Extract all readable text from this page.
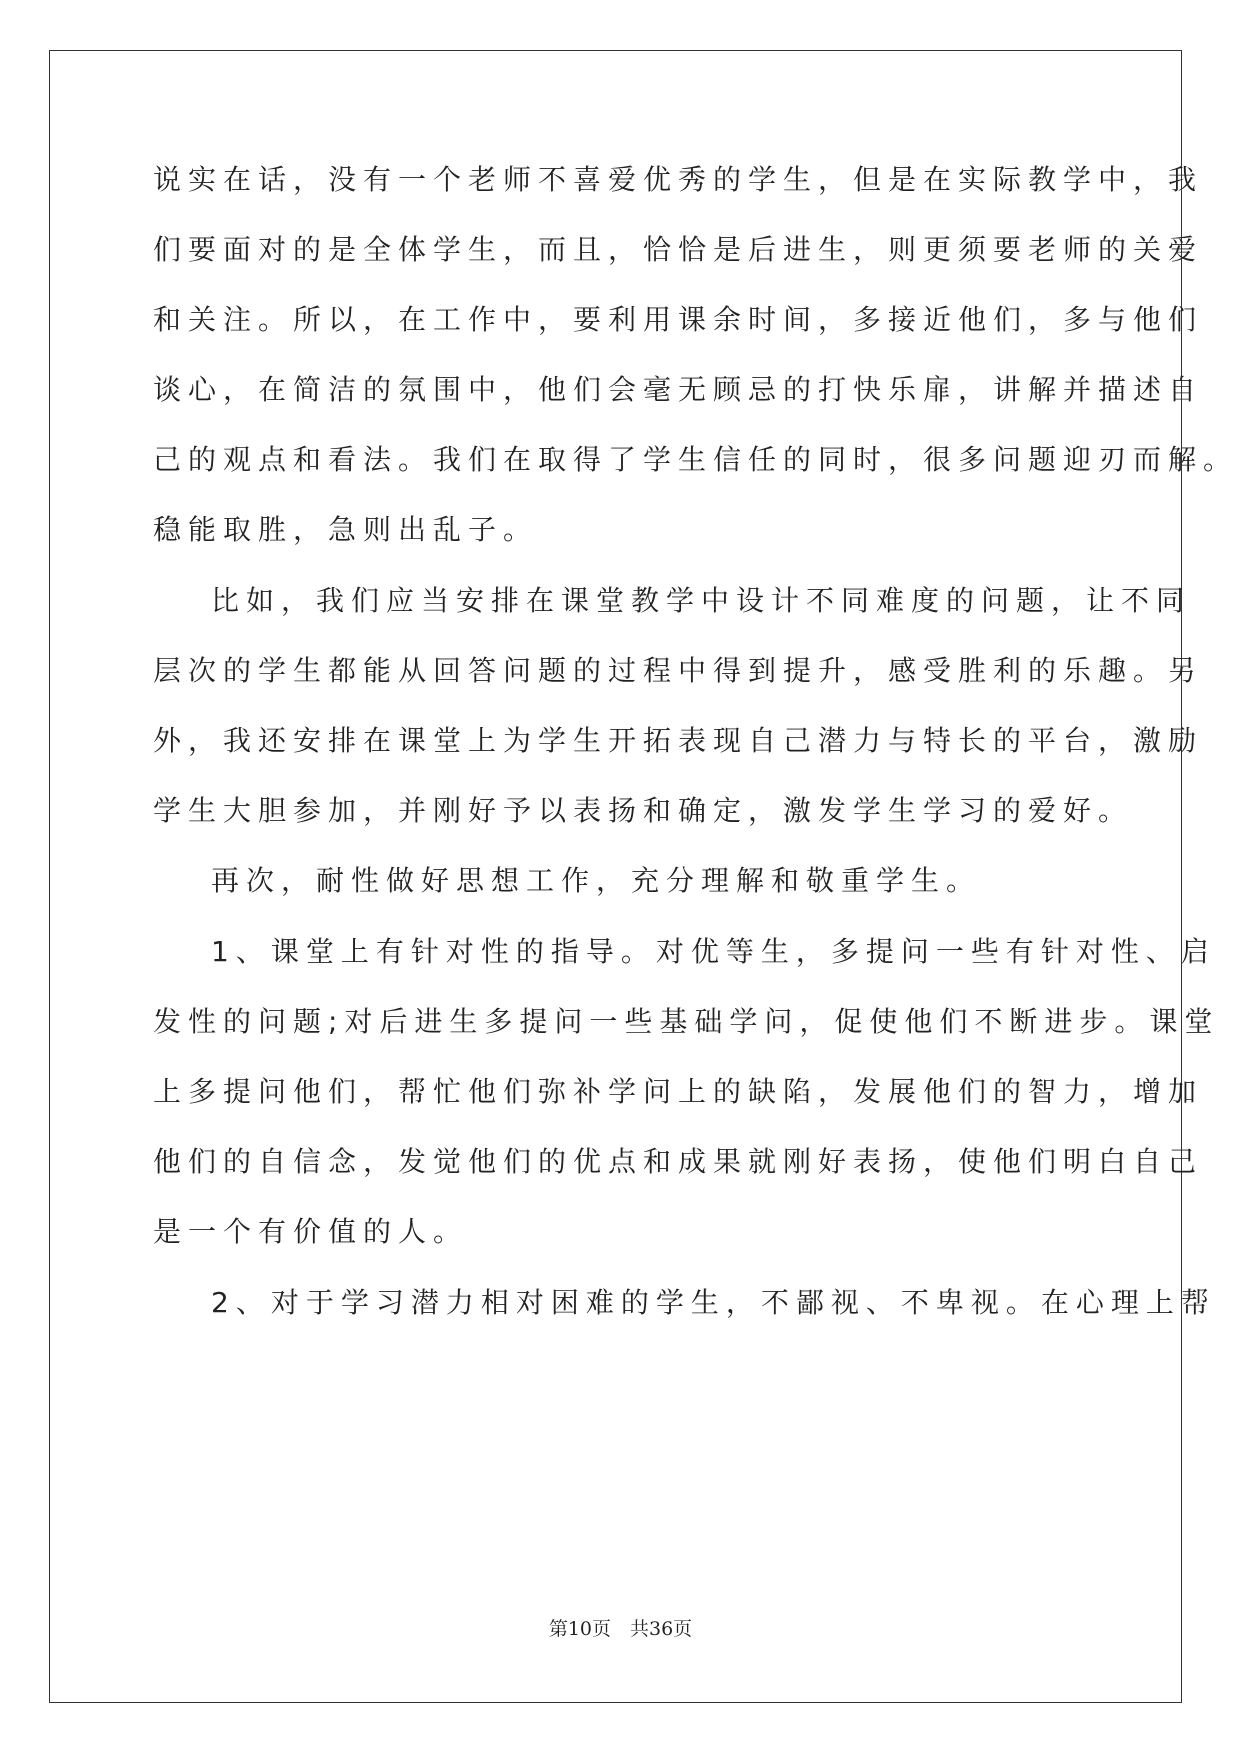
说实在话，没有一个老师不喜爱优秀的学生，但是在实际教学中，我
们要面对的是全体学生，而且，恰恰是后进生，则更须要老师的关爱
和关注。所以，在工作中，要利用课余时间，多接近他们，多与他们
谈心，在简洁的氛围中，他们会毫无顾忌的打快乐扉，讲解并描述自
己的观点和看法。我们在取得了学生信任的同时，很多问题迎刃而解。
稳能取胜，急则出乱子。
比如，我们应当安排在课堂教学中设计不同难度的问题，让不同
层次的学生都能从回答问题的过程中得到提升，感受胜利的乐趣。另
外，我还安排在课堂上为学生开拓表现自己潜力与特长的平台，激励
学生大胆参加，并刚好予以表扬和确定，激发学生学习的爱好。
再次，耐性做好思想工作，充分理解和敬重学生。
1、课堂上有针对性的指导。对优等生，多提问一些有针对性、启
发性的问题;对后进生多提问一些基础学问，促使他们不断进步。课堂
上多提问他们，帮忙他们弥补学问上的缺陷，发展他们的智力，增加
他们的自信念，发觉他们的优点和成果就刚好表扬，使他们明白自己
是一个有价值的人。
2、对于学习潜力相对困难的学生，不鄙视、不卑视。在心理上帮
第10页　共36页
